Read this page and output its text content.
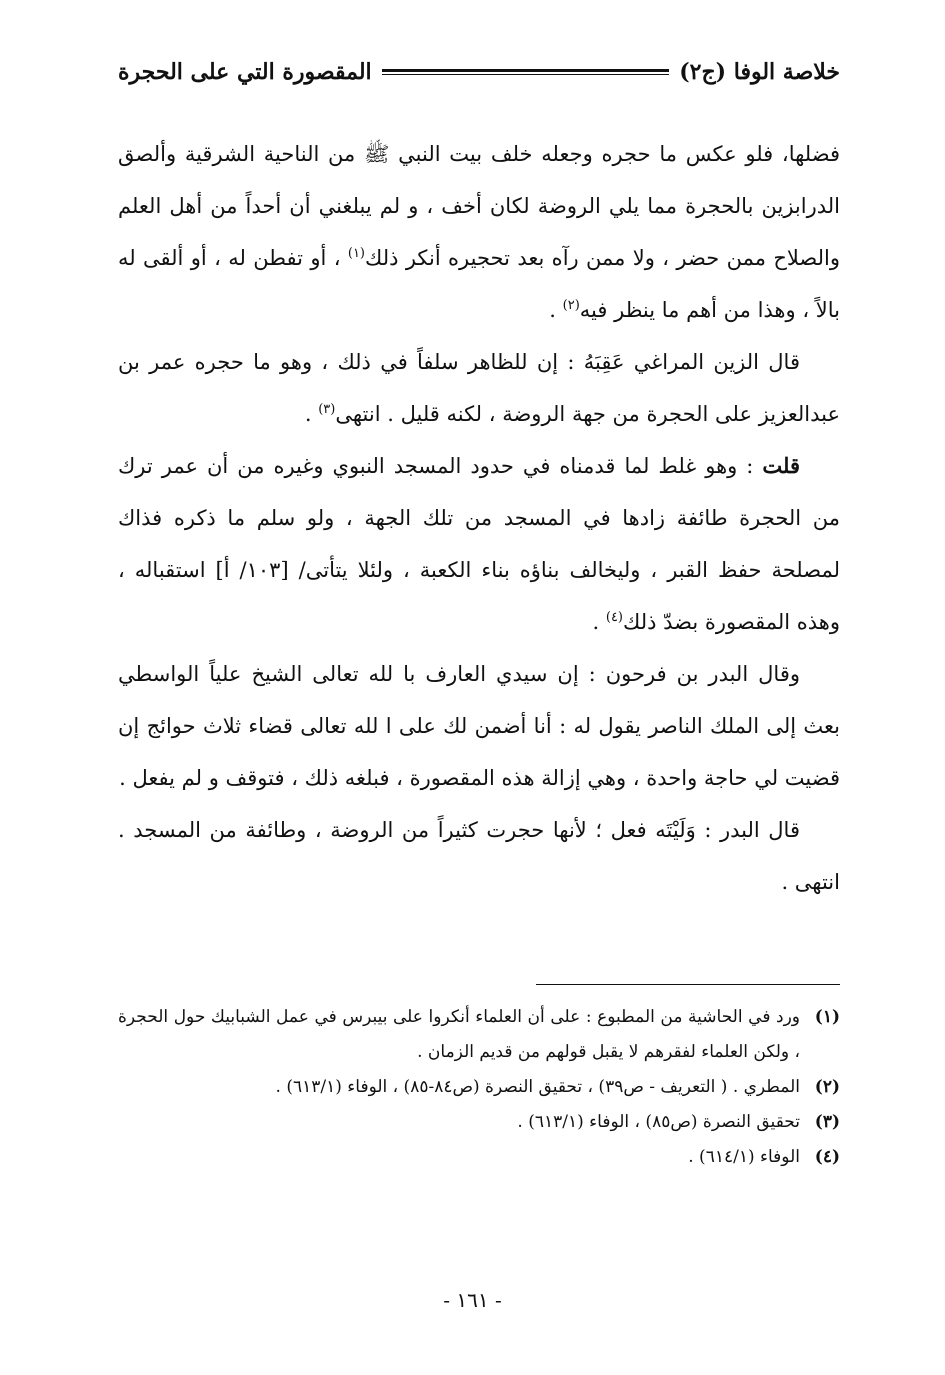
خلاصة الوفا (ج٢)
المقصورة التي على الحجرة

فضلها، فلو عكس ما حجره وجعله خلف بيت النبي ﷺ من الناحية الشرقية وألصق الدرابزين بالحجرة مما يلي الروضة لكان أخف ، و لم يبلغني أن أحداً من أهل العلم والصلاح ممن حضر ، ولا ممن رآه بعد تحجيره أنكر ذلك$^{(١)}$ ، أو تفطن له ، أو ألقى له بالاً ، وهذا من أهم ما ينظر فيه$^{(٢)}$ .

قال الزين المراغي عَقِبَهُ : إن للظاهر سلفاً في ذلك ، وهو ما حجره عمر بن عبدالعزيز على الحجرة من جهة الروضة ، لكنه قليل . انتهى$^{(٣)}$ .

قلت : وهو غلط لما قدمناه في حدود المسجد النبوي وغيره من أن عمر ترك من الحجرة طائفة زادها في المسجد من تلك الجهة ، ولو سلم ما ذكره فذاك لمصلحة حفظ القبر ، وليخالف بناؤه بناء الكعبة ، ولئلا يتأتى/ [١٠٣/ أ] استقباله ، وهذه المقصورة بضدّ ذلك$^{(٤)}$ .

وقال البدر بن فرحون : إن سيدي العارف با لله تعالى الشيخ علياً الواسطي بعث إلى الملك الناصر يقول له : أنا أضمن لك على ا لله تعالى قضاء ثلاث حوائج إن قضيت لي حاجة واحدة ، وهي إزالة هذه المقصورة ، فبلغه ذلك ، فتوقف و لم يفعل .

قال البدر : وَلَيْتَه فعل ؛ لأنها حجرت كثيراً من الروضة ، وطائفة من المسجد . انتهى .

(١)
ورد في الحاشية من المطبوع : على أن العلماء أنكروا على بيبرس في عمل الشبابيك حول الحجرة ، ولكن العلماء لفقرهم لا يقبل قولهم من قديم الزمان .
(٢)
المطري . ( التعريف - ص٣٩) ، تحقيق النصرة (ص٨٤-٨٥) ، الوفاء (٦١٣/١) .
(٣)
تحقيق النصرة (ص٨٥) ، الوفاء (٦١٣/١) .
(٤)
الوفاء (٦١٤/١) .
- ١٦١ -
